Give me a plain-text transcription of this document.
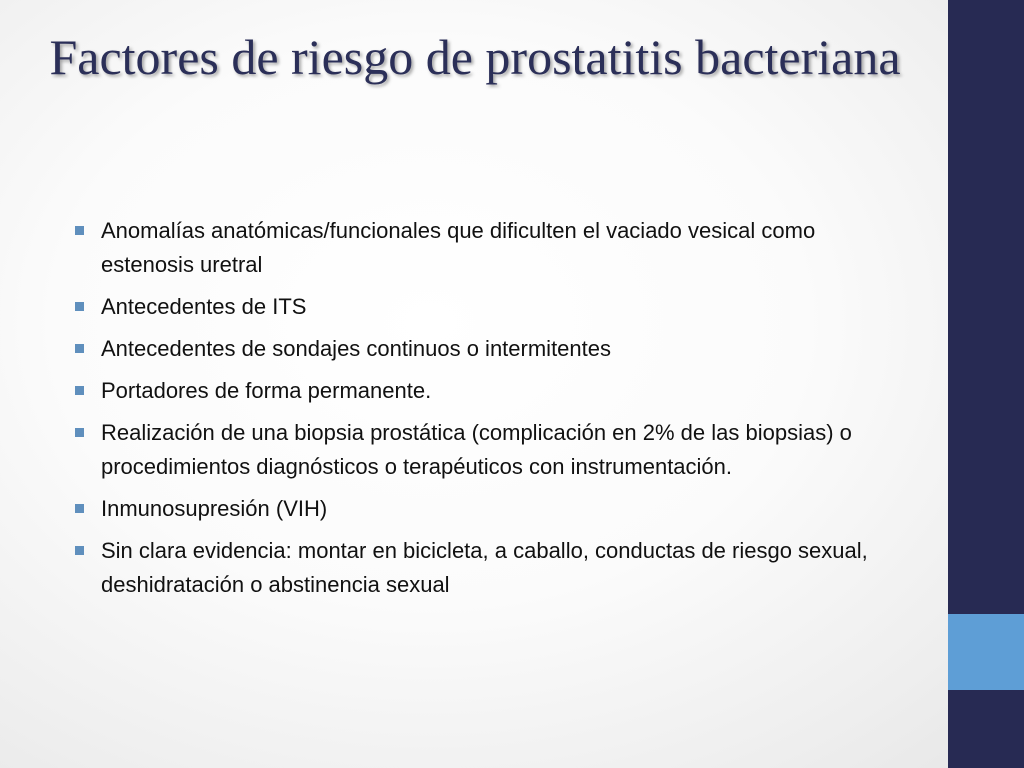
Factores de riesgo de prostatitis bacteriana
Anomalías anatómicas/funcionales que dificulten el vaciado vesical como estenosis uretral
Antecedentes de ITS
Antecedentes de sondajes continuos o intermitentes
Portadores de forma permanente.
Realización de una biopsia prostática (complicación en 2% de las biopsias) o procedimientos diagnósticos o terapéuticos con instrumentación.
Inmunosupresión (VIH)
Sin clara evidencia: montar en bicicleta, a caballo, conductas de riesgo sexual, deshidratación o abstinencia sexual
